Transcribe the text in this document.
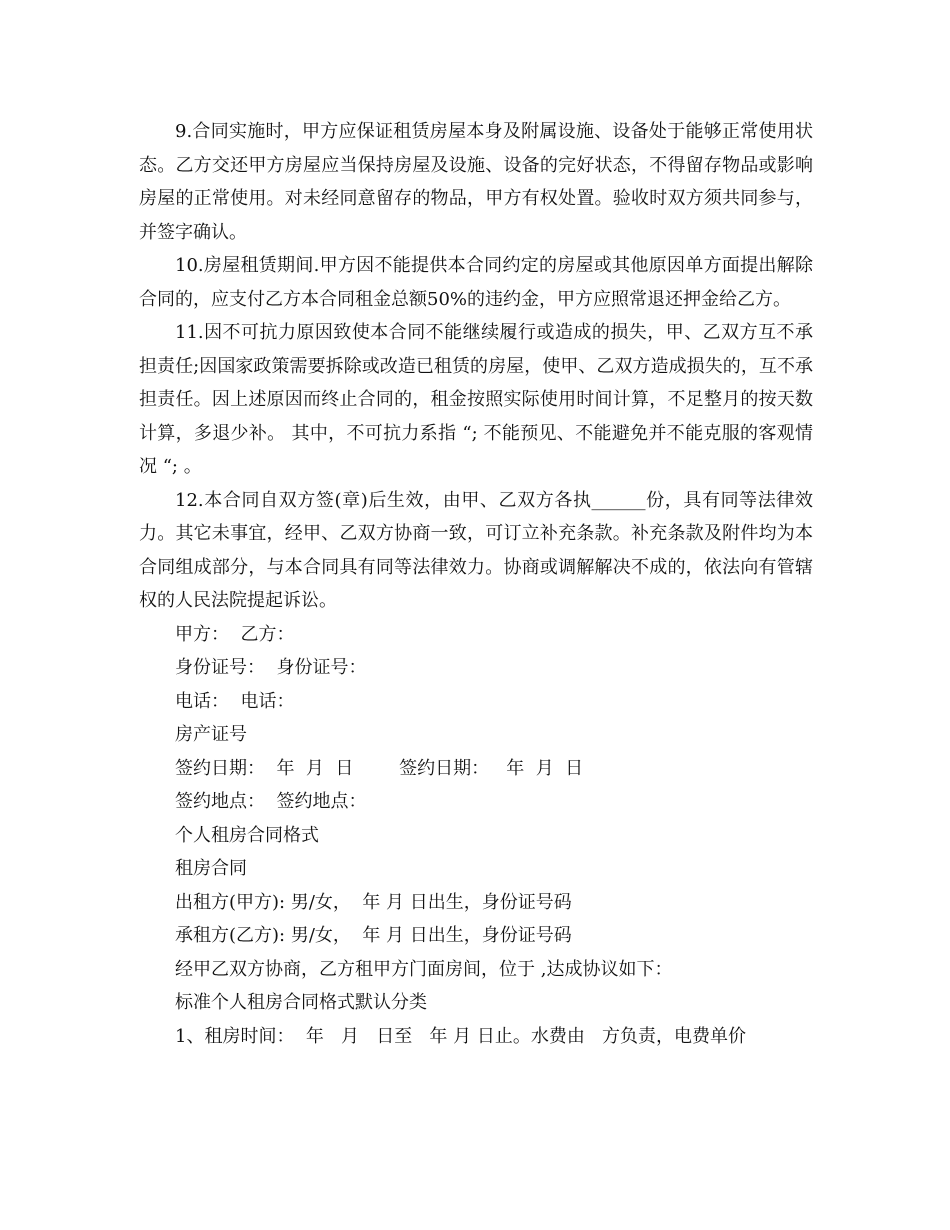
9.合同实施时，甲方应保证租赁房屋本身及附属设施、设备处于能够正常使用状态。乙方交还甲方房屋应当保持房屋及设施、设备的完好状态，不得留存物品或影响房屋的正常使用。对未经同意留存的物品，甲方有权处置。验收时双方须共同参与，并签字确认。

10.房屋租赁期间.甲方因不能提供本合同约定的房屋或其他原因单方面提出解除合同的，应支付乙方本合同租金总额50%的违约金，甲方应照常退还押金给乙方。

11.因不可抗力原因致使本合同不能继续履行或造成的损失，甲、乙双方互不承担责任;因国家政策需要拆除或改造已租赁的房屋，使甲、乙双方造成损失的，互不承担责任。因上述原因而终止合同的，租金按照实际使用时间计算，不足整月的按天数计算，多退少补。 其中，不可抗力系指 “; 不能预见、不能避免并不能克服的客观情况 “; 。

12.本合同自双方签(章)后生效，由甲、乙双方各执______份，具有同等法律效力。其它未事宜，经甲、乙双方协商一致，可订立补充条款。补充条款及附件均为本合同组成部分，与本合同具有同等法律效力。协商或调解解决不成的，依法向有管辖权的人民法院提起诉讼。

甲方：  乙方：

身份证号：  身份证号：

电话：  电话：

房产证号

签约日期：  年  月  日        签约日期：   年  月  日

签约地点：  签约地点：

个人租房合同格式

租房合同

出租方(甲方): 男/女，  年 月 日出生，身份证号码

承租方(乙方): 男/女，  年 月 日出生，身份证号码

经甲乙双方协商，乙方租甲方门面房间，位于 ,达成协议如下：

标准个人租房合同格式默认分类

1、租房时间：  年   月   日至   年 月 日止。水费由   方负责，电费单价
